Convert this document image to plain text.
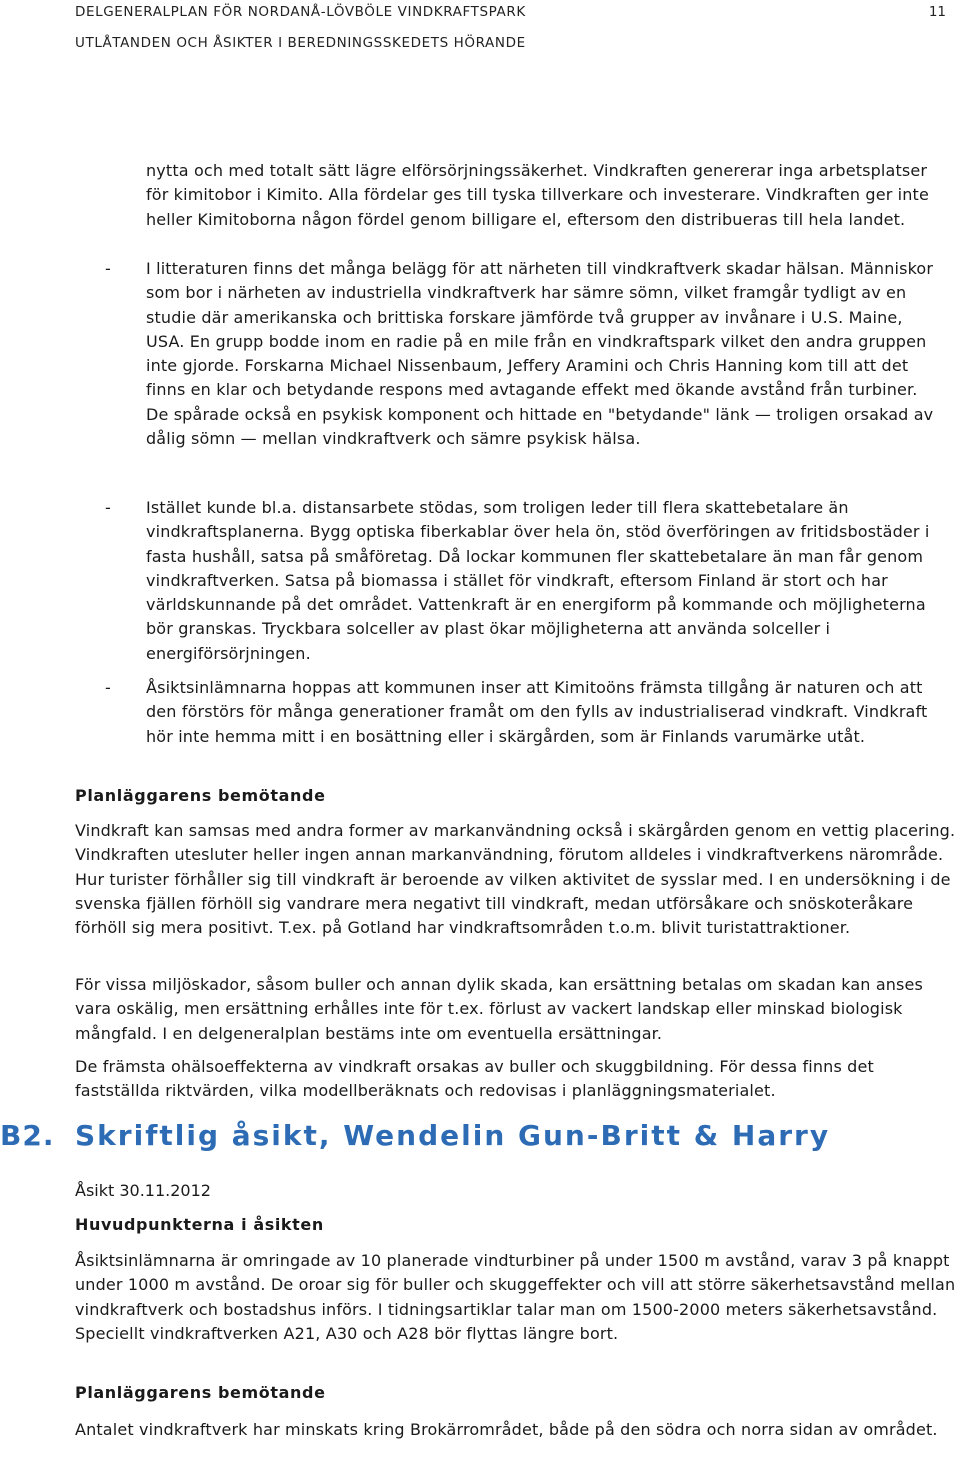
DELGENERALPLAN FÖR NORDANÅ-LÖVBÖLE VINDKRAFTSPARK
UTLÅTANDEN OCH ÅSIKTER I BEREDNINGSSKEDETS HÖRANDE
11
nytta och med totalt sätt lägre elförsörjningssäkerhet. Vindkraften genererar inga arbetsplatser för kimitobor i Kimito. Alla fördelar ges till tyska tillverkare och investerare. Vindkraften ger inte heller Kimitoborna någon fördel genom billigare el, eftersom den distribueras till hela landet.
- I litteraturen finns det många belägg för att närheten till vindkraftverk skadar hälsan. Människor som bor i närheten av industriella vindkraftverk har sämre sömn, vilket framgår tydligt av en studie där amerikanska och brittiska forskare jämförde två grupper av invånare i U.S. Maine, USA. En grupp bodde inom en radie på en mile från en vindkraftspark vilket den andra gruppen inte gjorde. Forskarna Michael Nissenbaum, Jeffery Aramini och Chris Hanning kom till att det finns en klar och betydande respons med avtagande effekt med ökande avstånd från turbiner. De spårade också en psykisk komponent och hittade en "betydande" länk — troligen orsakad av dålig sömn — mellan vindkraftverk och sämre psykisk hälsa.
- Istället kunde bl.a. distansarbete stödas, som troligen leder till flera skattebetalare än vindkraftsplanerna. Bygg optiska fiberkablar över hela ön, stöd överföringen av fritidsbostäder i fasta hushåll, satsa på småföretag. Då lockar kommunen fler skattebetalare än man får genom vindkraftverken. Satsa på biomassa i stället för vindkraft, eftersom Finland är stort och har världskunnande på det området. Vattenkraft är en energiform på kommande och möjligheterna bör granskas. Tryckbara solceller av plast ökar möjligheterna att använda solceller i energiförsörjningen.
- Åsiktsinlämnarna hoppas att kommunen inser att Kimitoöns främsta tillgång är naturen och att den förstörs för många generationer framåt om den fylls av industrialiserad vindkraft. Vindkraft hör inte hemma mitt i en bosättning eller i skärgården, som är Finlands varumärke utåt.
Planläggarens bemötande
Vindkraft kan samsas med andra former av markanvändning också i skärgården genom en vettig placering. Vindkraften utesluter heller ingen annan markanvändning, förutom alldeles i vindkraftverkens närområde. Hur turister förhåller sig till vindkraft är beroende av vilken aktivitet de sysslar med. I en undersökning i de svenska fjällen förhöll sig vandrare mera negativt till vindkraft, medan utförsåkare och snöskoteråkare förhöll sig mera positivt. T.ex. på Gotland har vindkraftsområden t.o.m. blivit turistattraktioner.
För vissa miljöskador, såsom buller och annan dylik skada, kan ersättning betalas om skadan kan anses vara oskälig, men ersättning erhålles inte för t.ex. förlust av vackert landskap eller minskad biologisk mångfald. I en delgeneralplan bestäms inte om eventuella ersättningar.
De främsta ohälsoeffekterna av vindkraft orsakas av buller och skuggbildning. För dessa finns det fastställda riktvärden, vilka modellberäknats och redovisas i planläggningsmaterialet.
B2. Skriftlig åsikt, Wendelin Gun-Britt & Harry
Åsikt 30.11.2012
Huvudpunkterna i åsikten
Åsiktsinlämnarna är omringade av 10 planerade vindturbiner på under 1500 m avstånd, varav 3 på knappt under 1000 m avstånd. De oroar sig för buller och skuggeffekter och vill att större säkerhetsavstånd mellan vindkraftverk och bostadshus införs. I tidningsartiklar talar man om 1500-2000 meters säkerhetsavstånd. Speciellt vindkraftverken A21, A30 och A28 bör flyttas längre bort.
Planläggarens bemötande
Antalet vindkraftverk har minskats kring Brokärrområdet, både på den södra och norra sidan av området.
